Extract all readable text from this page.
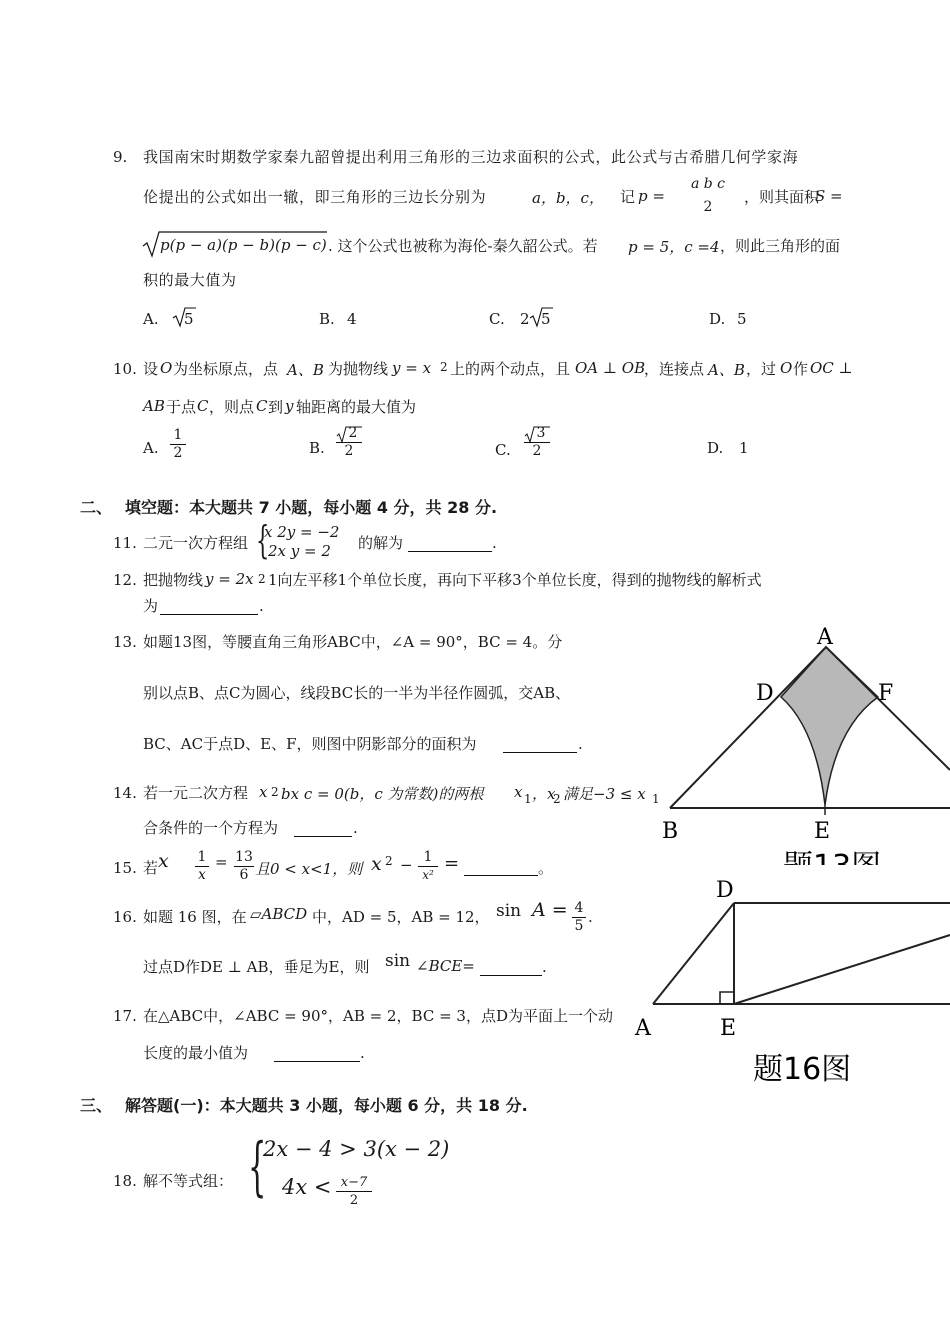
9. 我国南宋时期数学家秦九韶曾提出利用三角形的三边求面积的公式，此公式与古希腊几何学家海
伦提出的公式如出一辙，即三角形的三边长分别为	a，b，c， 记 p =
a b c
2
，则其面积
S =
p(p − a)(p − b)(p − c) . 这个公式也被称为海伦-秦久韶公式。若 p = 5，c =4 ，则此三角形的面
积的最大值为
A. 5	B. 4	C. 2 5	D. 5
10. 设 O 为坐标原点，点 A、B 为抛物线 y = x 2 上的两个动点，且 OA ⊥ OB
，连接点 A、B ，过 O 作 OC ⊥
AB 于点 C ，则点 C 到 y 轴距离的最大值为
A. $\frac{1}{2}$	B. $\frac{2}{2}$	C. $\frac{3}{2}$	D. 1
二、 填空题：本大题共 7 小题，每小题 4 分，共 28 分.
11. 二元一次方程组 {
x 2y = −2
2x y = 2 的解为	.
12. 把抛物线 y = 2x 2 1向左平移1个单位长度，再向下平移3个单位长度，得到的抛物线的解析式
为	.
13. 如题13图，等腰直角三角形ABC中，∠A = 90°，BC = 4。分
别以点B、点C为圆心，线段BC长的一半为半径作圆弧，交AB、
BC、AC于点D、E、F，则图中阴影部分的面积为	.
A
D	F
B	E
14. 若一元二次方程 x 2 bx c = 0(b，c 为常数)的两根 x 1 ，x
2 满足−3 ≤ x 1
合条件的一个方程为	.
15. 若 x $\frac{1}{x} = \frac{13}{6}$ 且0 < x<1，则 x $2 - \frac{1}{\text{x²}}$ =	。
16. 如题 16 图，在 ▱ABCD 中，AD = 5，AB = 12， $\sin A = \frac{4}{5}$ .
过点D作DE ⊥ AB，垂足为E，则 sin ∠BCE=	.
17. 在△ABC中，∠ABC = 90°，AB = 2，BC = 3，点D为平面上一个动
长度的最小值为	.
D
A	E
题16图
三、 解答题(一)：本大题共 3 小题，每小题 6 分，共 18 分.
18. 解不等式组： {
2x − 4 > 3(x − 2)
$4x < \frac{x-7}{2}$
